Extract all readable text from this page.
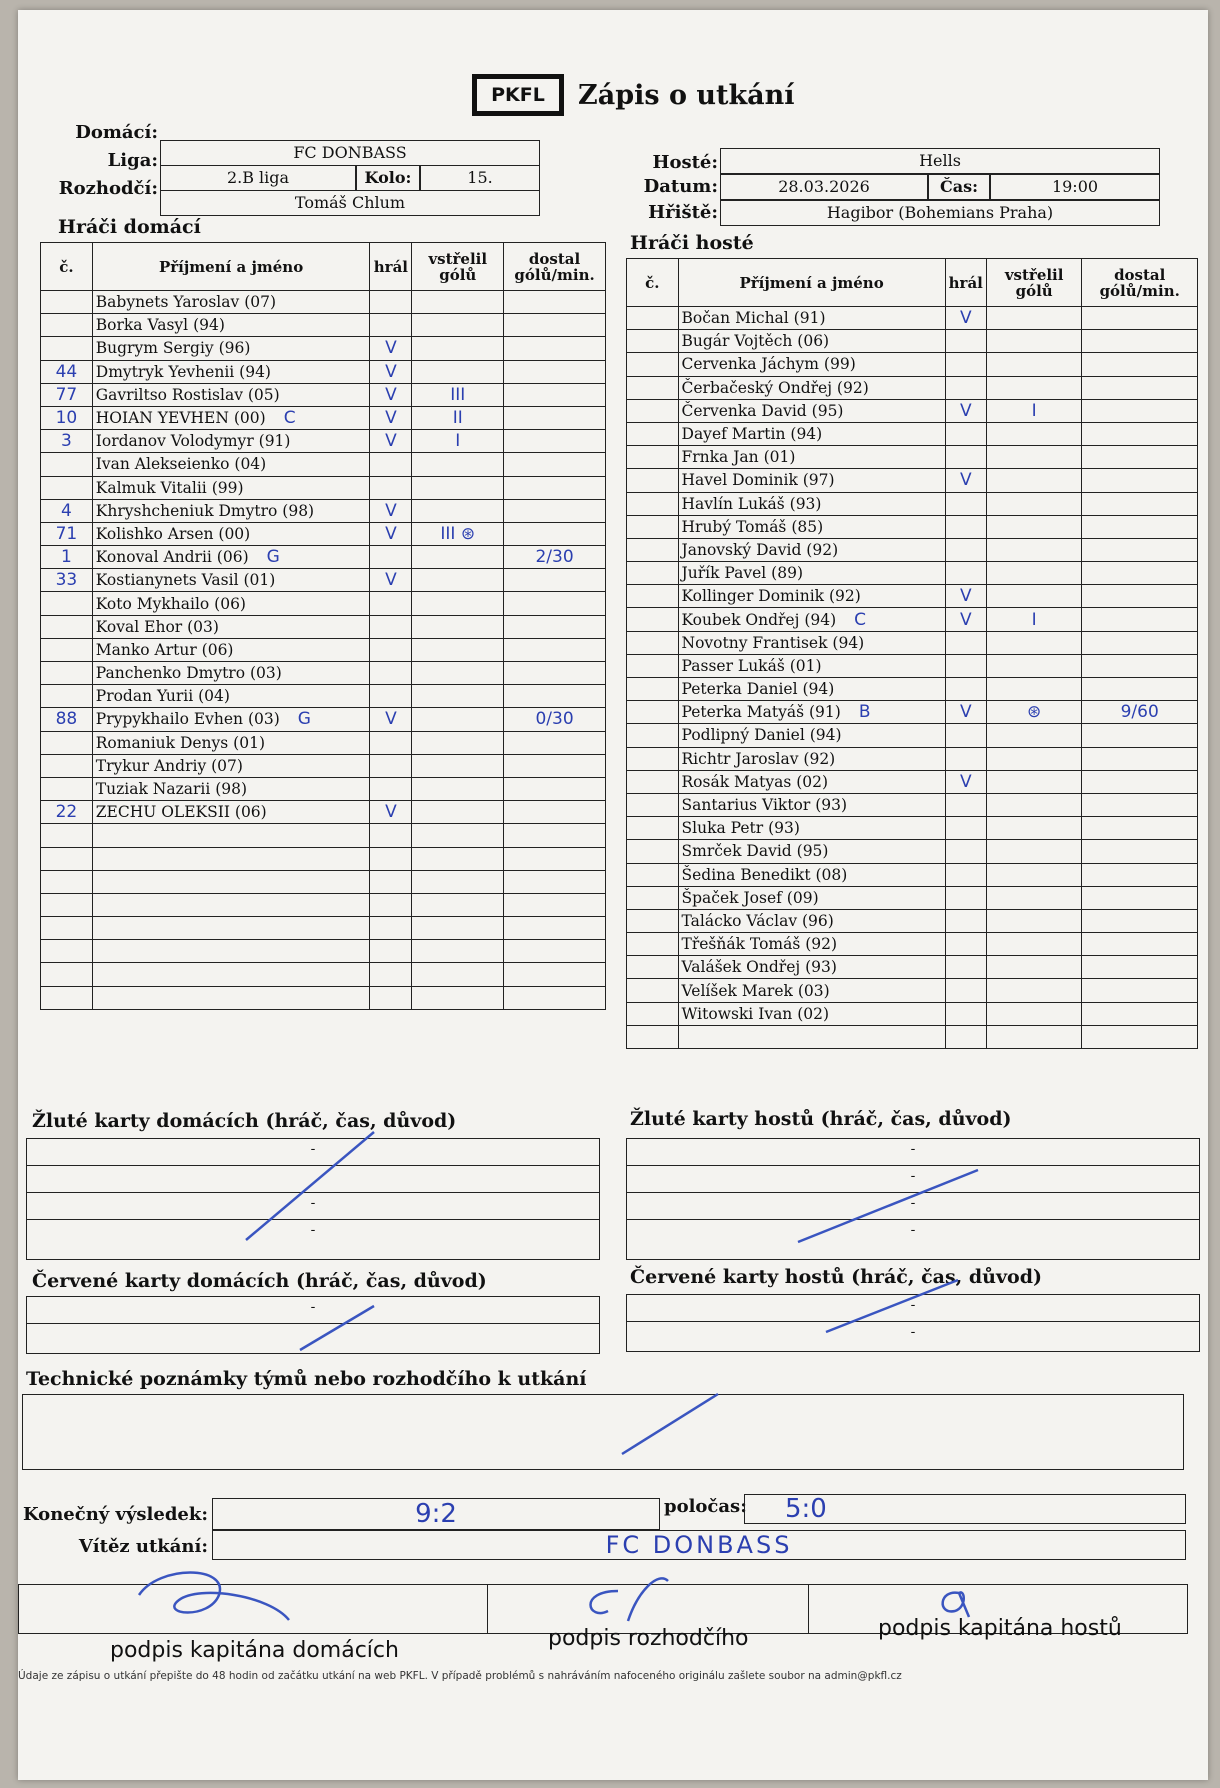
PKFL	Zápis o utkání
Domácí:
FC DONBASS
Liga:
2.B liga	Kolo:	15.
Rozhodčí:
Tomáš Chlum
Hosté:	Hells
Datum:	28.03.2026	Čas:	19:00
Hřiště:	Hagibor (Bohemians Praha)
Hráči domácí
Hráči hosté
č.	Příjmení a jméno	hrál	vstřelil gólů	dostal gólů/min.
	Babynets Yaroslav (07)			
	Borka Vasyl (94)			
	Bugrym Sergiy (96)	V		
44	Dmytryk Yevhenii (94)	V		
77	Gavriltso Rostislav (05)	V	III	
10	HOIAN YEVHEN (00) C	V	II	
3	Iordanov Volodymyr (91)	V	I	
	Ivan Alekseienko (04)			
	Kalmuk Vitalii (99)			
4	Khryshcheniuk Dmytro (98)	V		
71	Kolishko Arsen (00)	V	III ⊛	
1	Konoval Andrii (06) G			2/30
33	Kostianynets Vasil (01)	V		
	Koto Mykhailo (06)			
	Koval Ehor (03)			
	Manko Artur (06)			
	Panchenko Dmytro (03)			
	Prodan Yurii (04)			
88	Prypykhailo Evhen (03) G	V		0/30
	Romaniuk Denys (01)			
	Trykur Andriy (07)			
	Tuziak Nazarii (98)			
22	ZECHU OLEKSII (06)	V		

č.	Příjmení a jméno	hrál	vstřelil gólů	dostal gólů/min.
	Bočan Michal (91)	V		
	Bugár Vojtěch (06)			
	Cervenka Jáchym (99)			
	Čerbačeský Ondřej (92)			
	Červenka David (95)	V	I	
	Dayef Martin (94)			
	Frnka Jan (01)			
	Havel Dominik (97)	V		
	Havlín Lukáš (93)			
	Hrubý Tomáš (85)			
	Janovský David (92)			
	Juřík Pavel (89)			
	Kollinger Dominik (92)	V		
	Koubek Ondřej (94) C	V	I	
	Novotny Frantisek (94)			
	Passer Lukáš (01)			
	Peterka Daniel (94)			
	Peterka Matyáš (91) B	V	⊛	9/60
	Podlipný Daniel (94)			
	Richtr Jaroslav (92)			
	Rosák Matyas (02)	V		
	Santarius Viktor (93)			
	Sluka Petr (93)			
	Smrček David (95)			
	Šedina Benedikt (08)			
	Špaček Josef (09)			
	Talácko Václav (96)			
	Třešňák Tomáš (92)			
	Valášek Ondřej (93)			
	Velíšek Marek (03)			
	Witowski Ivan (02)			

Žluté karty domácích (hráč, čas, důvod)	Žluté karty hostů (hráč, čas, důvod)
-
-
-
-
-
-
-
Červené karty domácích (hráč, čas, důvod)	Červené karty hostů (hráč, čas, důvod)
-	-
-
Technické poznámky týmů nebo rozhodčího k utkání
Konečný výsledek:	9:2	poločas:	5:0
Vítěz utkání:	FC DONBASS
podpis kapitána domácích	podpis rozhodčího	podpis kapitána hostů
Údaje ze zápisu o utkání přepište do 48 hodin od začátku utkání na web PKFL. V případě problémů s nahráváním nafoceného originálu zašlete soubor na admin@pkfl.cz
